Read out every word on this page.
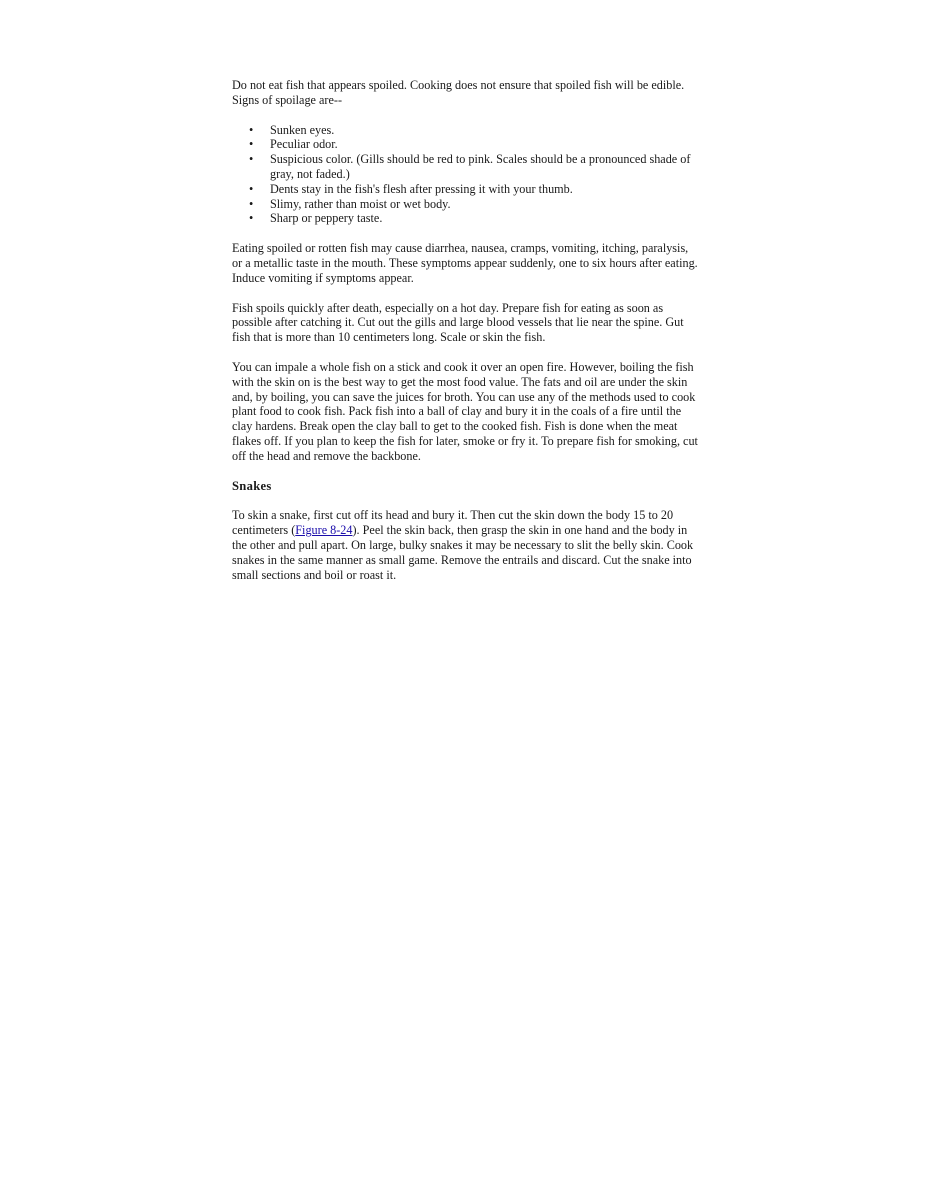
Do not eat fish that appears spoiled. Cooking does not ensure that spoiled fish will be edible. Signs of spoilage are--

• Sunken eyes.
• Peculiar odor.
• Suspicious color. (Gills should be red to pink. Scales should be a pronounced shade of gray, not faded.)
• Dents stay in the fish's flesh after pressing it with your thumb.
• Slimy, rather than moist or wet body.
• Sharp or peppery taste.

Eating spoiled or rotten fish may cause diarrhea, nausea, cramps, vomiting, itching, paralysis, or a metallic taste in the mouth. These symptoms appear suddenly, one to six hours after eating. Induce vomiting if symptoms appear.

Fish spoils quickly after death, especially on a hot day. Prepare fish for eating as soon as possible after catching it. Cut out the gills and large blood vessels that lie near the spine. Gut fish that is more than 10 centimeters long. Scale or skin the fish.

You can impale a whole fish on a stick and cook it over an open fire. However, boiling the fish with the skin on is the best way to get the most food value. The fats and oil are under the skin and, by boiling, you can save the juices for broth. You can use any of the methods used to cook plant food to cook fish. Pack fish into a ball of clay and bury it in the coals of a fire until the clay hardens. Break open the clay ball to get to the cooked fish. Fish is done when the meat flakes off. If you plan to keep the fish for later, smoke or fry it. To prepare fish for smoking, cut off the head and remove the backbone.

Snakes

To skin a snake, first cut off its head and bury it. Then cut the skin down the body 15 to 20 centimeters (Figure 8-24). Peel the skin back, then grasp the skin in one hand and the body in the other and pull apart. On large, bulky snakes it may be necessary to slit the belly skin. Cook snakes in the same manner as small game. Remove the entrails and discard. Cut the snake into small sections and boil or roast it.
